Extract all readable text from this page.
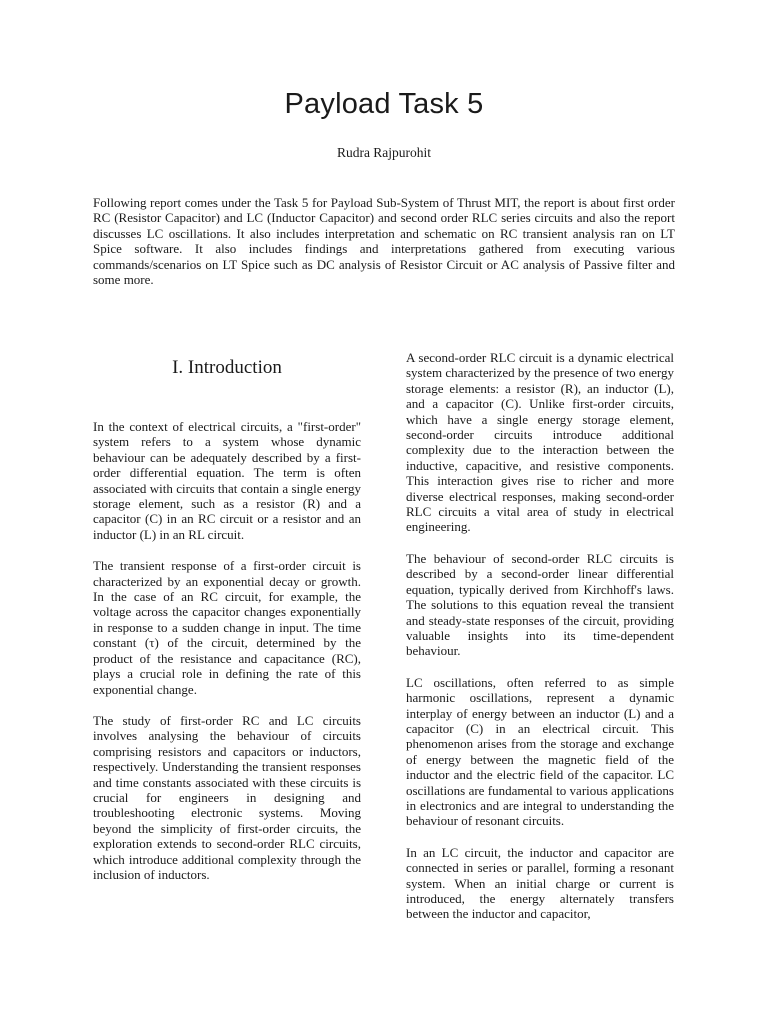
Payload Task 5
Rudra Rajpurohit

Following report comes under the Task 5 for Payload Sub-System of Thrust MIT, the report is about first order RC (Resistor Capacitor) and LC (Inductor Capacitor) and second order RLC series circuits and also the report discusses LC oscillations. It also includes interpretation and schematic on RC transient analysis ran on LT Spice software. It also includes findings and interpretations gathered from executing various commands/scenarios on LT Spice such as DC analysis of Resistor Circuit or AC analysis of Passive filter and some more.

I. Introduction

In the context of electrical circuits, a "first-order" system refers to a system whose dynamic behaviour can be adequately described by a first-order differential equation. The term is often associated with circuits that contain a single energy storage element, such as a resistor (R) and a capacitor (C) in an RC circuit or a resistor and an inductor (L) in an RL circuit.

The transient response of a first-order circuit is characterized by an exponential decay or growth. In the case of an RC circuit, for example, the voltage across the capacitor changes exponentially in response to a sudden change in input. The time constant (τ) of the circuit, determined by the product of the resistance and capacitance (RC), plays a crucial role in defining the rate of this exponential change.

The study of first-order RC and LC circuits involves analysing the behaviour of circuits comprising resistors and capacitors or inductors, respectively. Understanding the transient responses and time constants associated with these circuits is crucial for engineers in designing and troubleshooting electronic systems. Moving beyond the simplicity of first-order circuits, the exploration extends to second-order RLC circuits, which introduce additional complexity through the inclusion of inductors.

A second-order RLC circuit is a dynamic electrical system characterized by the presence of two energy storage elements: a resistor (R), an inductor (L), and a capacitor (C). Unlike first-order circuits, which have a single energy storage element, second-order circuits introduce additional complexity due to the interaction between the inductive, capacitive, and resistive components. This interaction gives rise to richer and more diverse electrical responses, making second-order RLC circuits a vital area of study in electrical engineering.

The behaviour of second-order RLC circuits is described by a second-order linear differential equation, typically derived from Kirchhoff's laws. The solutions to this equation reveal the transient and steady-state responses of the circuit, providing valuable insights into its time-dependent behaviour.

LC oscillations, often referred to as simple harmonic oscillations, represent a dynamic interplay of energy between an inductor (L) and a capacitor (C) in an electrical circuit. This phenomenon arises from the storage and exchange of energy between the magnetic field of the inductor and the electric field of the capacitor. LC oscillations are fundamental to various applications in electronics and are integral to understanding the behaviour of resonant circuits.

In an LC circuit, the inductor and capacitor are connected in series or parallel, forming a resonant system. When an initial charge or current is introduced, the energy alternately transfers between the inductor and capacitor,
